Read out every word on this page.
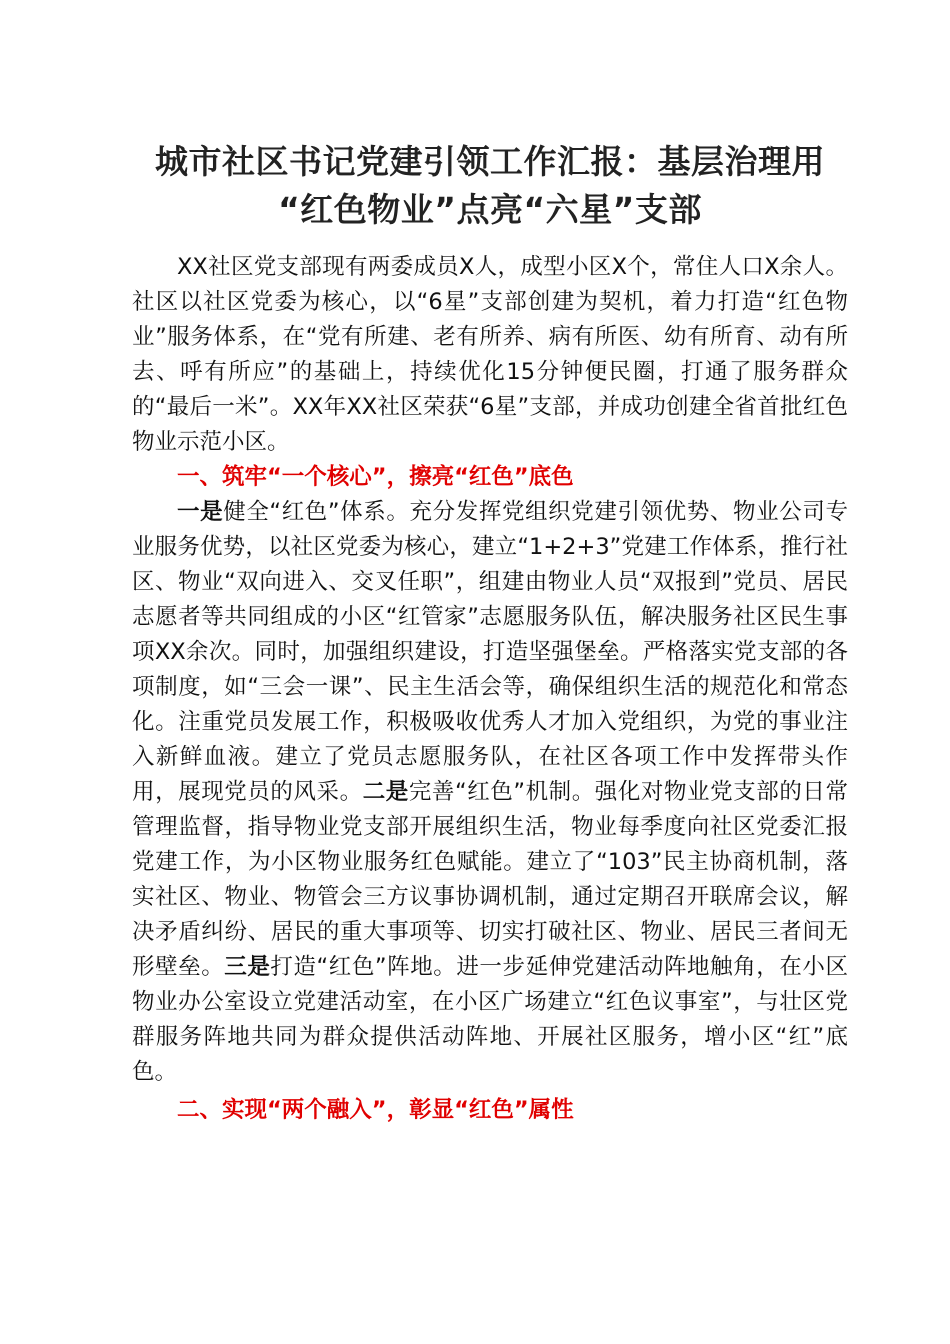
城市社区书记党建引领工作汇报：基层治理用
“红色物业”点亮“六星”支部

XX社区党支部现有两委成员X人，成型小区X个，常住人口X余人。社区以社区党委为核心，以“6星”支部创建为契机，着力打造“红色物业”服务体系，在“党有所建、老有所养、病有所医、幼有所育、动有所去、呼有所应”的基础上，持续优化15分钟便民圈，打通了服务群众的“最后一米”。XX年XX社区荣获“6星”支部，并成功创建全省首批红色物业示范小区。

一、筑牢“一个核心”，擦亮“红色”底色

一是健全“红色”体系。充分发挥党组织党建引领优势、物业公司专业服务优势，以社区党委为核心，建立“1+2+3”党建工作体系，推行社区、物业“双向进入、交叉任职”，组建由物业人员“双报到”党员、居民志愿者等共同组成的小区“红管家”志愿服务队伍，解决服务社区民生事项XX余次。同时，加强组织建设，打造坚强堡垒。严格落实党支部的各项制度，如“三会一课”、民主生活会等，确保组织生活的规范化和常态化。注重党员发展工作，积极吸收优秀人才加入党组织，为党的事业注入新鲜血液。建立了党员志愿服务队，在社区各项工作中发挥带头作用，展现党员的风采。二是完善“红色”机制。强化对物业党支部的日常管理监督，指导物业党支部开展组织生活，物业每季度向社区党委汇报党建工作，为小区物业服务红色赋能。建立了“103”民主协商机制，落实社区、物业、物管会三方议事协调机制，通过定期召开联席会议，解决矛盾纠纷、居民的重大事项等、切实打破社区、物业、居民三者间无形壁垒。三是打造“红色”阵地。进一步延伸党建活动阵地触角，在小区物业办公室设立党建活动室，在小区广场建立“红色议事室”，与壮区党群服务阵地共同为群众提供活动阵地、开展社区服务，增小区“红”底色。

二、实现“两个融入”，彰显“红色”属性
